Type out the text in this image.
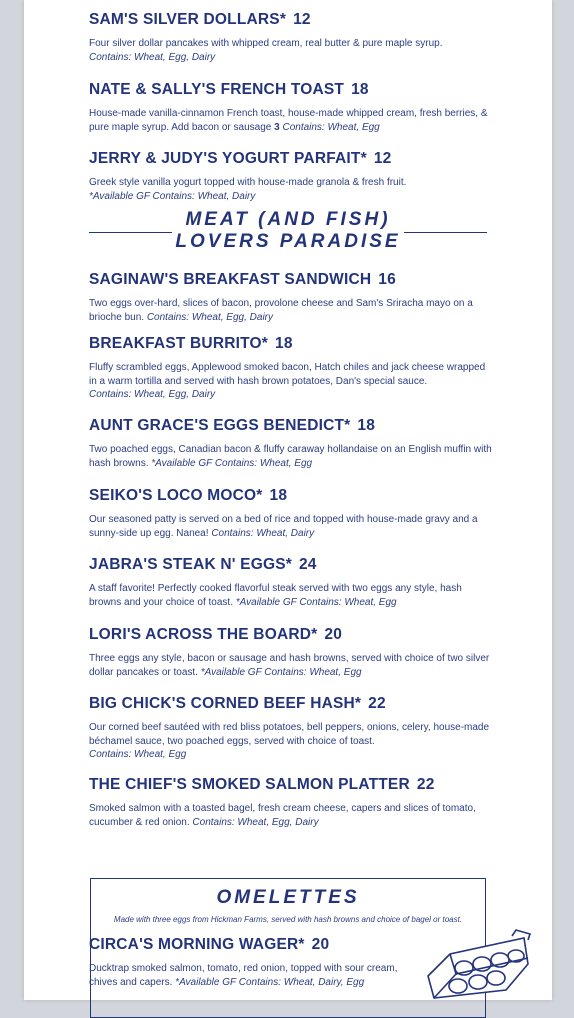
SAM'S SILVER DOLLARS* 12

Four silver dollar pancakes with whipped cream, real butter & pure maple syrup.
Contains: Wheat, Egg, Dairy

NATE & SALLY'S FRENCH TOAST 18

House-made vanilla-cinnamon French toast, house-made whipped cream, fresh berries, & pure maple syrup. Add bacon or sausage 3 Contains: Wheat, Egg

JERRY & JUDY'S YOGURT PARFAIT* 12

Greek style vanilla yogurt topped with house-made granola & fresh fruit.
*Available GF Contains: Wheat, Dairy

MEAT (AND FISH)
LOVERS PARADISE
SAGINAW'S BREAKFAST SANDWICH 16

Two eggs over-hard, slices of bacon, provolone cheese and Sam's Sriracha mayo on a brioche bun. Contains: Wheat, Egg, Dairy

BREAKFAST BURRITO* 18

Fluffy scrambled eggs, Applewood smoked bacon, Hatch chiles and jack cheese wrapped in a warm tortilla and served with hash brown potatoes, Dan's special sauce.
Contains: Wheat, Egg, Dairy

AUNT GRACE'S EGGS BENEDICT* 18

Two poached eggs, Canadian bacon & fluffy caraway hollandaise on an English muffin with hash browns. *Available GF Contains: Wheat, Egg

SEIKO'S LOCO MOCO* 18

Our seasoned patty is served on a bed of rice and topped with house-made gravy and a sunny-side up egg. Nanea! Contains: Wheat, Dairy

JABRA'S STEAK N' EGGS* 24

A staff favorite! Perfectly cooked flavorful steak served with two eggs any style, hash browns and your choice of toast. *Available GF Contains: Wheat, Egg

LORI'S ACROSS THE BOARD* 20

Three eggs any style, bacon or sausage and hash browns, served with choice of two silver dollar pancakes or toast. *Available GF Contains: Wheat, Egg

BIG CHICK'S CORNED BEEF HASH* 22

Our corned beef sautéed with red bliss potatoes, bell peppers, onions, celery, house-made béchamel sauce, two poached eggs, served with choice of toast.
Contains: Wheat, Egg

THE CHIEF'S SMOKED SALMON PLATTER 22

Smoked salmon with a toasted bagel, fresh cream cheese, capers and slices of tomato, cucumber & red onion. Contains: Wheat, Egg, Dairy

OMELETTES
Made with three eggs from Hickman Farms, served with hash browns and choice of bagel or toast.
CIRCA'S MORNING WAGER* 20

Ducktrap smoked salmon, tomato, red onion, topped with sour cream, chives and capers. *Available GF Contains: Wheat, Dairy, Egg
